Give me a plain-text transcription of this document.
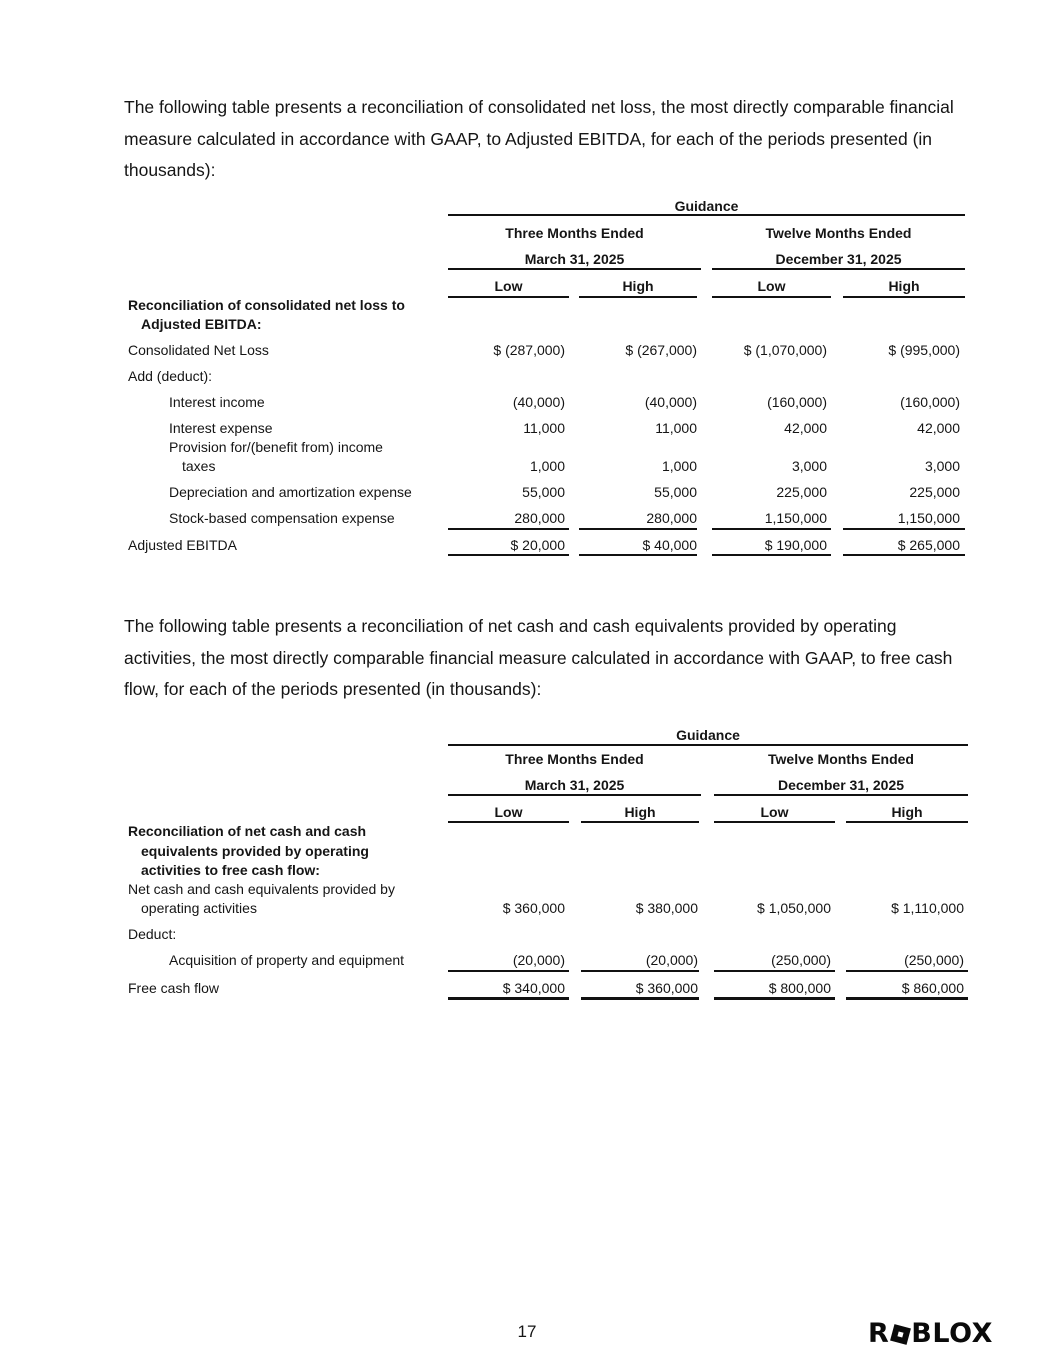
The following table presents a reconciliation of consolidated net loss, the most directly comparable financial measure calculated in accordance with GAAP, to Adjusted EBITDA, for each of the periods presented (in thousands):

Guidance
Three Months Ended
March 31, 2025
Twelve Months Ended
December 31, 2025
Low	High	Low	High
Reconciliation of consolidated net loss to
Adjusted EBITDA:
Consolidated Net Loss	$ (287,000)	$ (267,000)	$ (1,070,000)	$ (995,000)
Add (deduct):
Interest income	(40,000)	(40,000)	(160,000)	(160,000)
Interest expense	11,000	11,000	42,000	42,000
Provision for/(benefit from) income
taxes	1,000	1,000	3,000	3,000
Depreciation and amortization expense	55,000	55,000	225,000	225,000
Stock-based compensation expense	280,000	280,000	1,150,000	1,150,000
Adjusted EBITDA	$ 20,000	$ 40,000	$ 190,000	$ 265,000

The following table presents a reconciliation of net cash and cash equivalents provided by operating activities, the most directly comparable financial measure calculated in accordance with GAAP, to free cash flow, for each of the periods presented (in thousands):

Guidance
Three Months Ended
March 31, 2025
Twelve Months Ended
December 31, 2025
Low	High	Low	High
Reconciliation of net cash and cash
equivalents provided by operating
activities to free cash flow:
Net cash and cash equivalents provided by
operating activities	$ 360,000	$ 380,000	$ 1,050,000	$ 1,110,000
Deduct:
Acquisition of property and equipment	(20,000)	(20,000)	(250,000)	(250,000)
Free cash flow	$ 340,000	$ 360,000	$ 800,000	$ 860,000
17	R BLOX
